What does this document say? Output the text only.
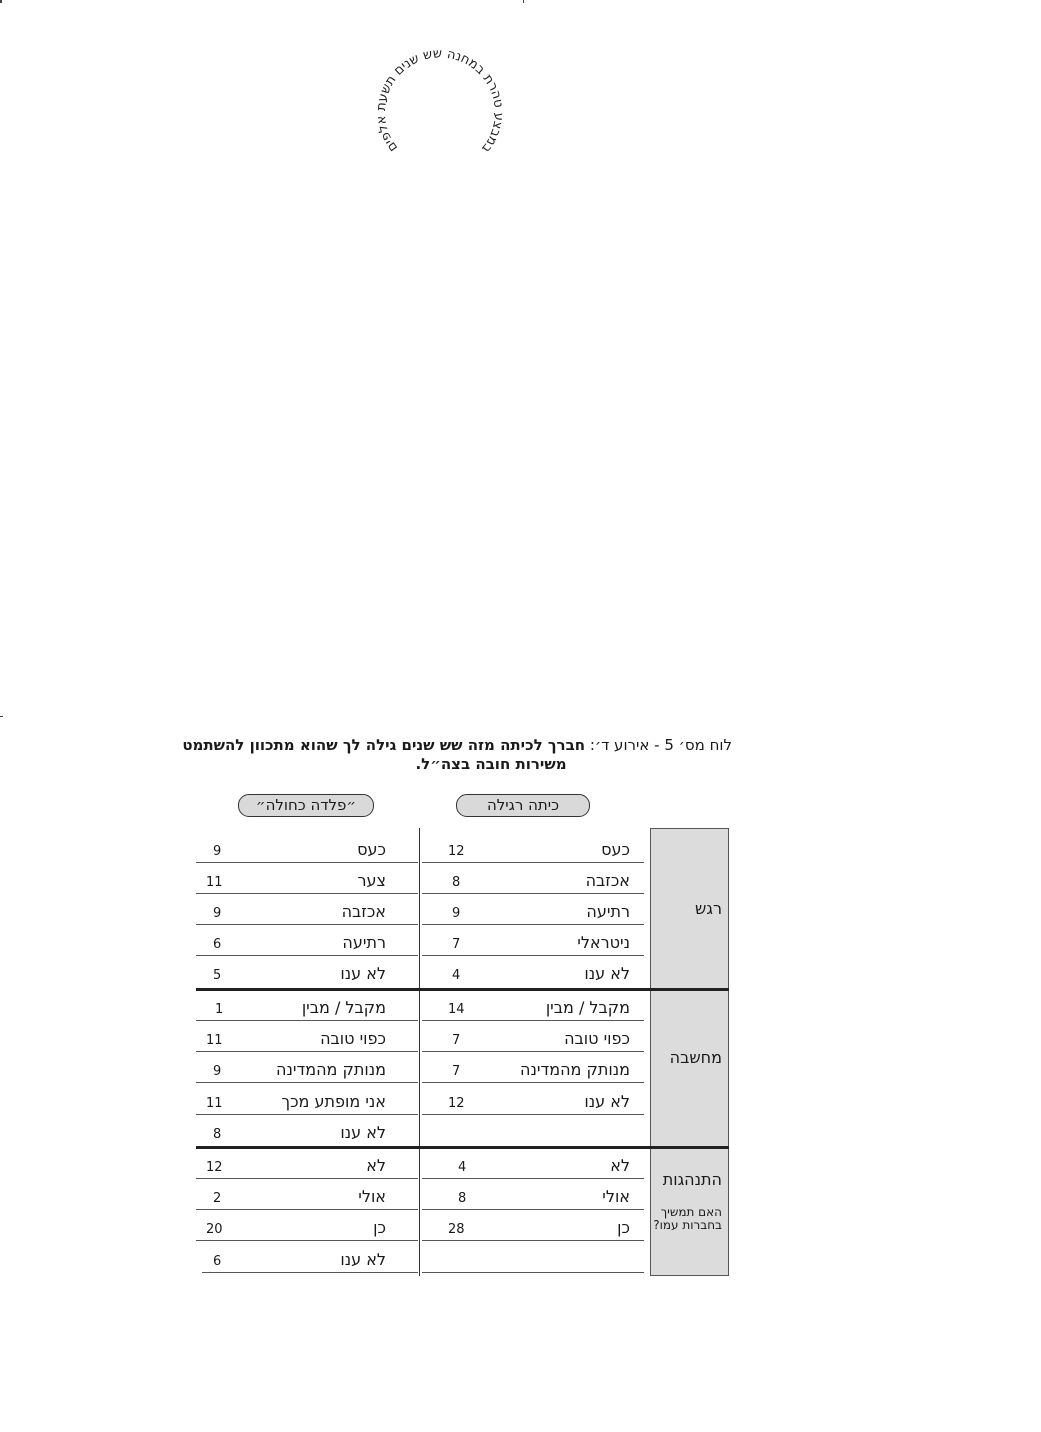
במבצע טהרת במחנה שש שנים תשעת אלפים
לוח מס׳ 5 - אירוע ד׳: חברך לכיתה מזה שש שנים גילה לך שהוא מתכוון להשתמט
משירות חובה בצה״ל.
כיתה רגילה
״פלדה כחולה״
רגש
מחשבה
התנהגות
האם תמשיך בחברות עמו?
כעס
12
כעס
9
אכזבה
8
צער
11
רתיעה
9
אכזבה
9
ניטראלי
7
רתיעה
6
לא ענו
4
לא ענו
5
מקבל / מבין
14
מקבל / מבין
1
כפוי טובה
7
כפוי טובה
11
מנותק מהמדינה
7
מנותק מהמדינה
9
לא ענו
12
אני מופתע מכך
11
לא ענו
8
לא
4
לא
12
אולי
8
אולי
2
כן
28
כן
20
לא ענו
6
